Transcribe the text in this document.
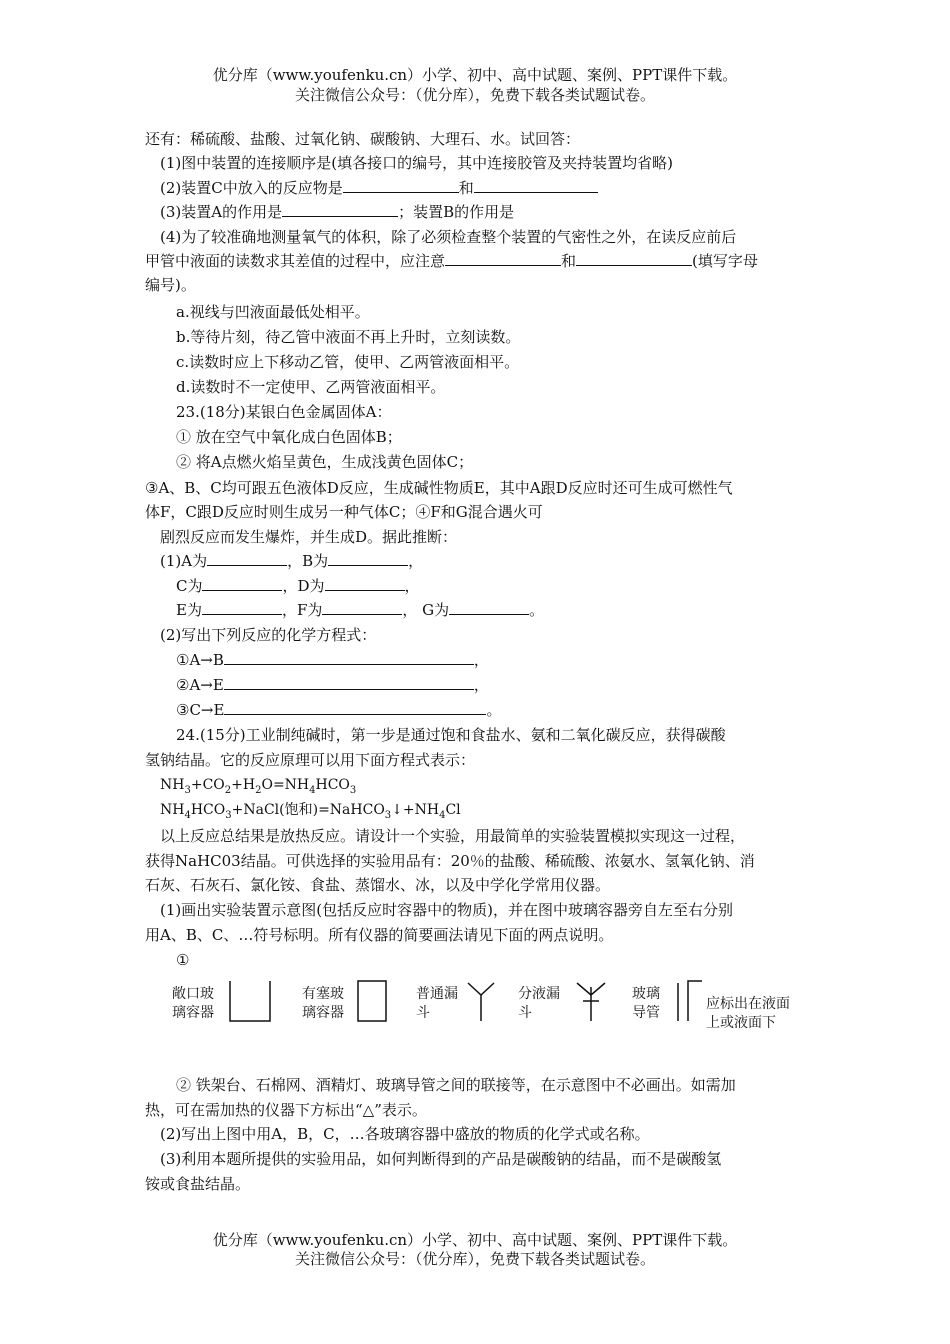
优分库（www.youfenku.cn）小学、初中、高中试题、案例、PPT课件下载。
关注微信公众号：（优分库），免费下载各类试题试卷。
还有：稀硫酸、盐酸、过氧化钠、碳酸钠、大理石、水。试回答：
(1)图中装置的连接顺序是(填各接口的编号，其中连接胶管及夹持装置均省略)
(2)装置C中放入的反应物是	和
(3)装置A的作用是	；装置B的作用是
(4)为了较准确地测量氧气的体积，除了必须检查整个装置的气密性之外，在读反应前后
甲管中液面的读数求其差值的过程中，应注意	和	(填写字母
编号)。
a.视线与凹液面最低处相平。
b.等待片刻，待乙管中液面不再上升时，立刻读数。
c.读数时应上下移动乙管，使甲、乙两管液面相平。
d.读数时不一定使甲、乙两管液面相平。
23.(18分)某银白色金属固体A：
① 放在空气中氧化成白色固体B；
② 将A点燃火焰呈黄色，生成浅黄色固体C；
③A、B、C均可跟五色液体D反应，生成碱性物质E，其中A跟D反应时还可生成可燃性气
体F，C跟D反应时则生成另一种气体C；④F和G混合遇火可
剧烈反应而发生爆炸，并生成D。据此推断：
(1)A为	，B为	，
C为	，D为	，
E为	，F为	， G为	。
(2)写出下列反应的化学方程式：
①A→B	，
②A→E	，
③C→E	。
24.(15分)工业制纯碱时，第一步是通过饱和食盐水、氨和二氧化碳反应，获得碳酸
氢钠结晶。它的反应原理可以用下面方程式表示：
$NH_3+CO_2+H_2O=NH_4HCO_3$
$NH_4HCO_3+NaCl$(饱和)$=NaHCO_3↓+NH_4Cl$
以上反应总结果是放热反应。请设计一个实验，用最简单的实验装置模拟实现这一过程，
获得NaHC03结晶。可供选择的实验用品有：20％的盐酸、稀硫酸、浓氨水、氢氧化钠、消
石灰、石灰石、氯化铵、食盐、蒸馏水、冰，以及中学化学常用仪器。
(1)画出实验装置示意图(包括反应时容器中的物质)，并在图中玻璃容器旁自左至右分别
用A、B、C、…符号标明。所有仪器的简要画法请见下面的两点说明。
①
敞口玻
璃容器
有塞玻
璃容器
普通漏
斗
分液漏
斗
玻璃
导管
应标出在液面
上或液面下
② 铁架台、石棉网、酒精灯、玻璃导管之间的联接等，在示意图中不必画出。如需加
热，可在需加热的仪器下方标出“△”表示。
(2)写出上图中用A，B，C，…各玻璃容器中盛放的物质的化学式或名称。
(3)利用本题所提供的实验用品，如何判断得到的产品是碳酸钠的结晶，而不是碳酸氢
铵或食盐结晶。
优分库（www.youfenku.cn）小学、初中、高中试题、案例、PPT课件下载。
关注微信公众号：（优分库），免费下载各类试题试卷。
